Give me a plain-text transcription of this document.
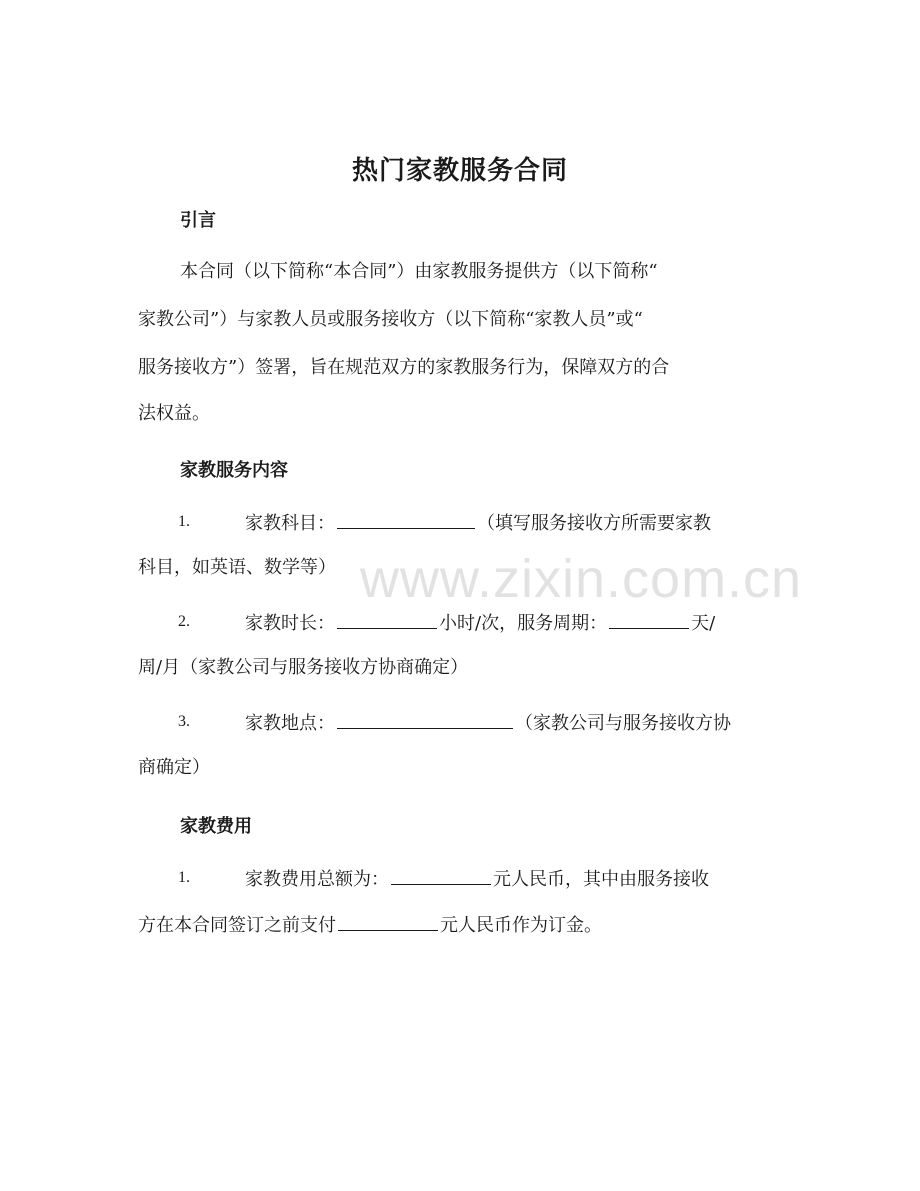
www.zixin.com.cn
热门家教服务合同
引言
本合同（以下简称“本合同”）由家教服务提供方（以下简称“
家教公司”）与家教人员或服务接收方（以下简称“家教人员”或“
服务接收方”）签署，旨在规范双方的家教服务行为，保障双方的合
法权益。
家教服务内容
1.	家教科目：	（填写服务接收方所需要家教
科目，如英语、数学等）
2.	家教时长：	小时/次，服务周期：	天/
周/月（家教公司与服务接收方协商确定）
3.	家教地点：	（家教公司与服务接收方协
商确定）
家教费用
1.	家教费用总额为：	元人民币，其中由服务接收
方在本合同签订之前支付	元人民币作为订金。
